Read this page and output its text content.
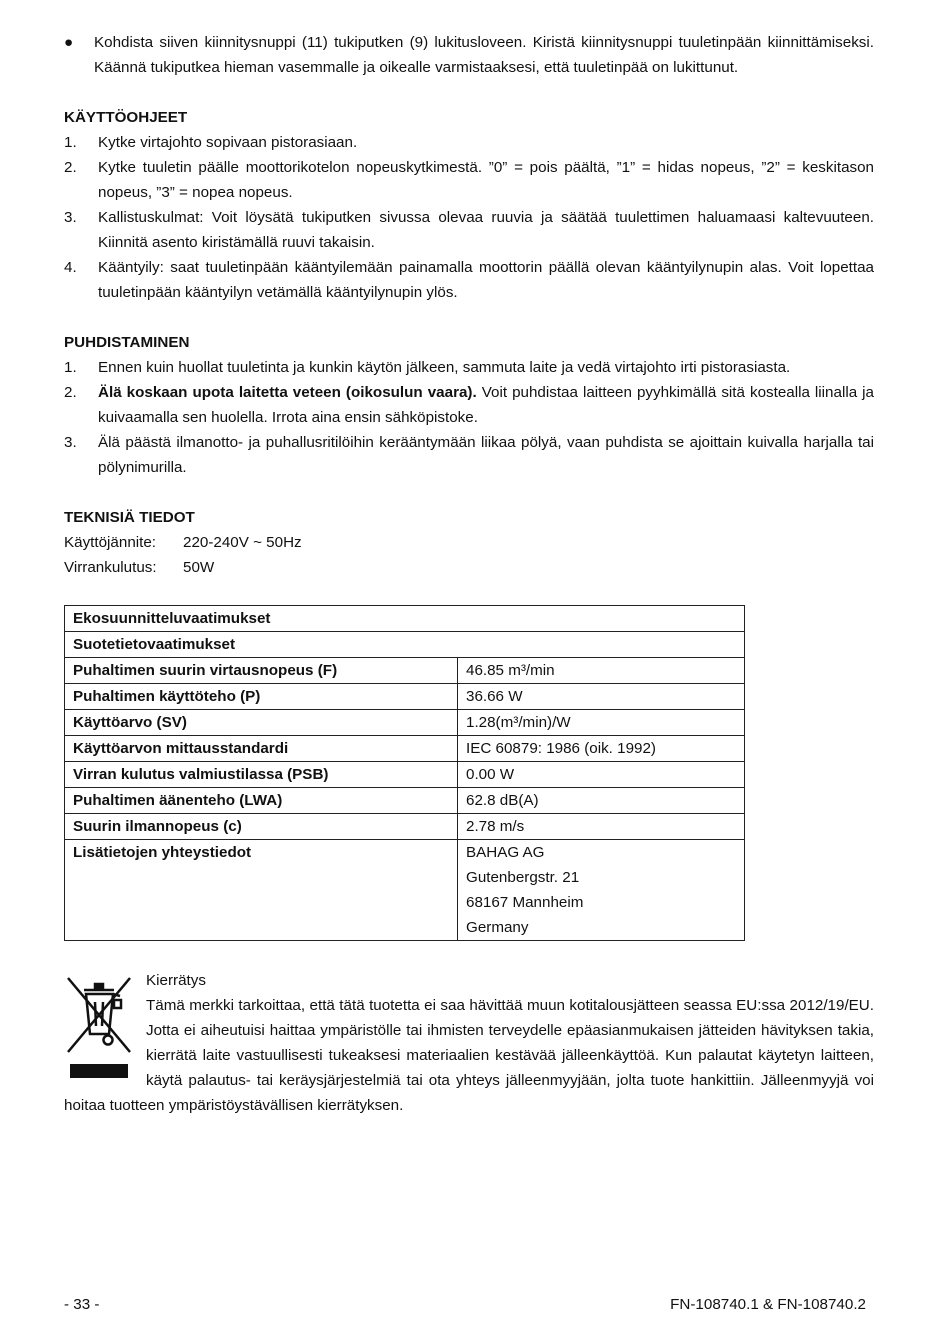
●	Kohdista siiven kiinnitysnuppi (11) tukiputken (9) lukitusloveen. Kiristä kiinnitysnuppi tuuletinpään kiinnittämiseksi. Käännä tukiputkea hieman vasemmalle ja oikealle varmistaaksesi, että tuuletinpää on lukittunut.

KÄYTTÖOHJEET

1.	Kytke virtajohto sopivaan pistorasiaan.

2.	Kytke tuuletin päälle moottorikotelon nopeuskytkimestä. ”0” = pois päältä, ”1” = hidas nopeus, ”2” = keskitason nopeus, ”3” = nopea nopeus.

3.	Kallistuskulmat: Voit löysätä tukiputken sivussa olevaa ruuvia ja säätää tuulettimen haluamaasi kaltevuuteen. Kiinnitä asento kiristämällä ruuvi takaisin.

4.	Kääntyily: saat tuuletinpään kääntyilemään painamalla moottorin päällä olevan kääntyilynupin alas. Voit lopettaa tuuletinpään kääntyilyn vetämällä kääntyilynupin ylös.

PUHDISTAMINEN

1.	Ennen kuin huollat tuuletinta ja kunkin käytön jälkeen, sammuta laite ja vedä virtajohto irti pistorasiasta.

2.	Älä koskaan upota laitetta veteen (oikosulun vaara). Voit puhdistaa laitteen pyyhkimällä sitä kostealla liinalla ja kuivaamalla sen huolella. Irrota aina ensin sähköpistoke.

3.	Älä päästä ilmanotto- ja puhallusritilöihin kerääntymään liikaa pölyä, vaan puhdista se ajoittain kuivalla harjalla tai pölynimurilla.

TEKNISIÄ TIEDOT

Käyttöjännite:	220-240V ~ 50Hz
Virrankulutus:	50W
Ekosuunnitteluvaatimukset	
Suotetietovaatimukset	
Puhaltimen suurin virtausnopeus (F)	46.85 m³/min
Puhaltimen käyttöteho (P)	36.66 W
Käyttöarvo (SV)	1.28(m³/min)/W
Käyttöarvon mittausstandardi	IEC 60879: 1986 (oik. 1992)
Virran kulutus valmiustilassa (PSB)	0.00 W
Puhaltimen äänenteho (LWA)	62.8 dB(A)
Suurin ilmannopeus (c)	2.78 m/s
Lisätietojen yhteystiedot	BAHAG AG
Gutenbergstr. 21
68167 Mannheim
Germany

Kierrätys

Tämä merkki tarkoittaa, että tätä tuotetta ei saa hävittää muun kotitalousjätteen seassa EU:ssa 2012/19/EU. Jotta ei aiheutuisi haittaa ympäristölle tai ihmisten terveydelle epäasianmukaisen jätteiden hävityksen takia, kierrätä laite vastuullisesti tukeaksesi materiaalien kestävää jälleenkäyttöä. Kun palautat käytetyn laitteen, käytä palautus- tai keräysjärjestelmiä tai ota yhteys jälleenmyyjään, jolta tuote hankittiin. Jälleenmyyjä voi hoitaa tuotteen ympäristöystävällisen kierrätyksen.

- 33 -	FN-108740.1 & FN-108740.2
